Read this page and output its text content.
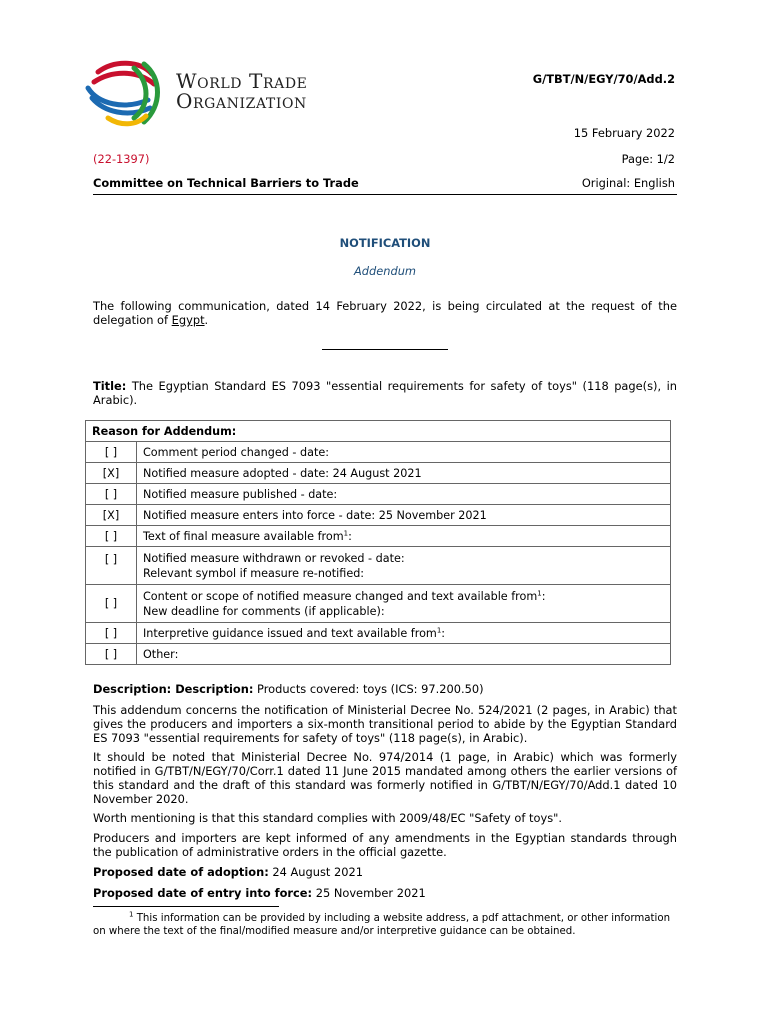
World Trade
Organization
G/TBT/N/EGY/70/Add.2
15 February 2022
(22-1397)	Page: 1/2
Committee on Technical Barriers to Trade	Original: English
NOTIFICATION
Addendum
The following communication, dated 14 February 2022, is being circulated at the request of the delegation of Egypt.
Title: The Egyptian Standard ES 7093 "essential requirements for safety of toys" (118 page(s), in Arabic).
Reason for Addendum:	
[ ]	Comment period changed - date:
[X]	Notified measure adopted - date: 24 August 2021
[ ]	Notified measure published - date:
[X]	Notified measure enters into force - date: 25 November 2021
[ ]	Text of final measure available from$^1$:
[ ]	Notified measure withdrawn or revoked - date:
Relevant symbol if measure re-notified:

[ ]	Content or scope of notified measure changed and text available from$^1$:
New deadline for comments (if applicable):

[ ]	Interpretive guidance issued and text available from$^1$:
[ ]	Other:
Description: Description: Products covered: toys (ICS: 97.200.50)
This addendum concerns the notification of Ministerial Decree No. 524/2021 (2 pages, in Arabic) that gives the producers and importers a six-month transitional period to abide by the Egyptian Standard ES 7093 "essential requirements for safety of toys" (118 page(s), in Arabic).
It should be noted that Ministerial Decree No. 974/2014 (1 page, in Arabic) which was formerly notified in G/TBT/N/EGY/70/Corr.1 dated 11 June 2015 mandated among others the earlier versions of this standard and the draft of this standard was formerly notified in G/TBT/N/EGY/70/Add.1 dated 10 November 2020.
Worth mentioning is that this standard complies with 2009/48/EC "Safety of toys".
Producers and importers are kept informed of any amendments in the Egyptian standards through the publication of administrative orders in the official gazette.
Proposed date of adoption: 24 August 2021
Proposed date of entry into force: 25 November 2021
$^1$ This information can be provided by including a website address, a pdf attachment, or other information on where the text of the final/modified measure and/or interpretive guidance can be obtained.
